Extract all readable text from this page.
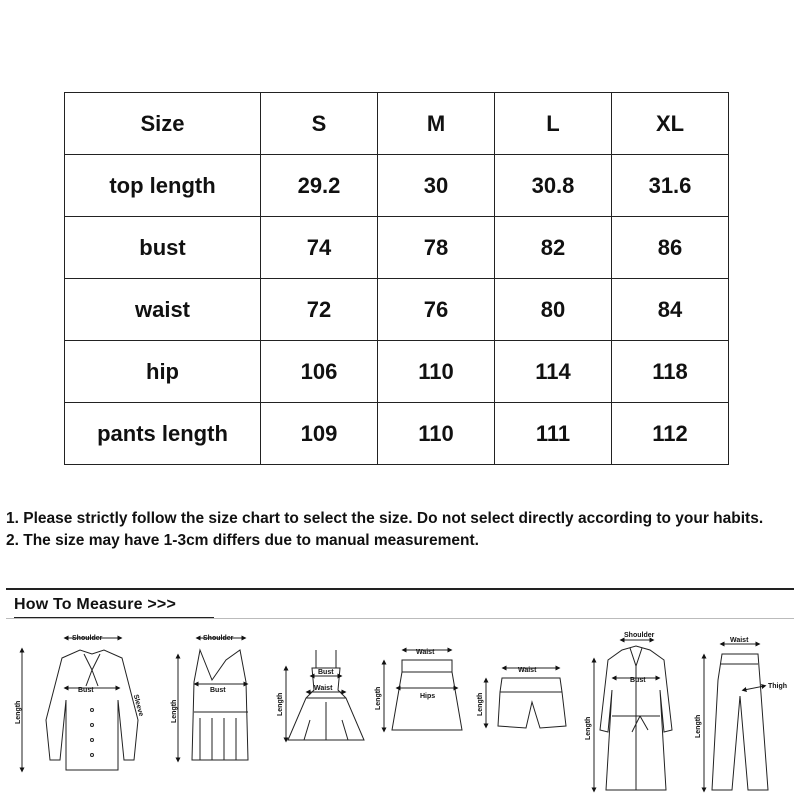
Size	S	M	L	XL
top length	29.2	30	30.8	31.6
bust	74	78	82	86
waist	72	76	80	84
hip	106	110	114	118
pants length	109	110	111	112

1. Please strictly follow the size chart to select the size. Do not select directly according to your habits.

2. The size may have 1-3cm differs due to manual measurement.

How To Measure >>>
Shoulder
Length
Bust
Sleeve
Shoulder
Length
Bust
Bust
Waist
Length
Waist
Hips
Length
Waist
Length
Shoulder
Bust
Length
Waist
Thigh
Length
